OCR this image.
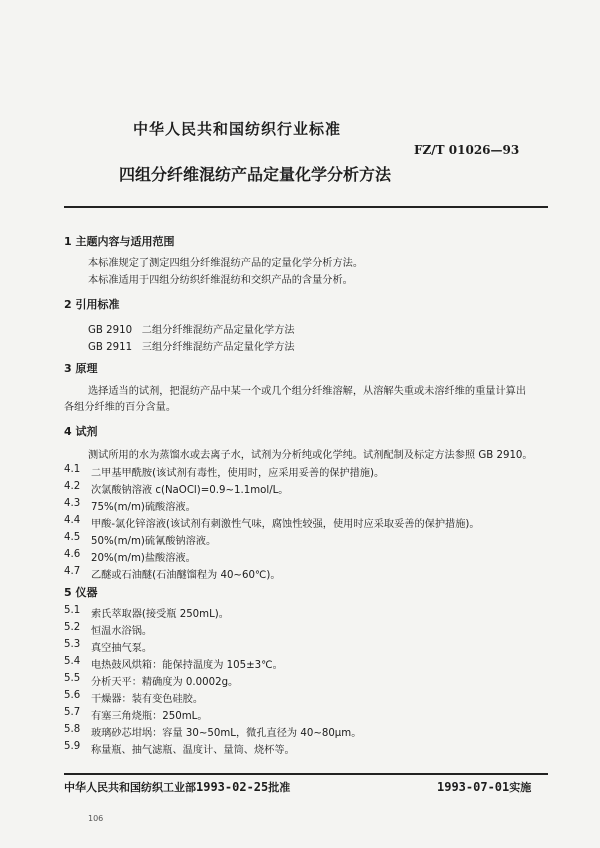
中华人民共和国纺织行业标准
FZ/T 01026—93
四组分纤维混纺产品定量化学分析方法
1 主题内容与适用范围
本标准规定了测定四组分纤维混纺产品的定量化学分析方法。
本标准适用于四组分纺织纤维混纺和交织产品的含量分析。
2 引用标准
GB 2910   二组分纤维混纺产品定量化学方法
GB 2911   三组分纤维混纺产品定量化学方法
3 原理
选择适当的试剂，把混纺产品中某一个或几个组分纤维溶解，从溶解失重或未溶纤维的重量计算出
各组分纤维的百分含量。
4 试剂
测试所用的水为蒸馏水或去离子水，试剂为分析纯或化学纯。试剂配制及标定方法参照 GB 2910。
4.1 二甲基甲酰胺(该试剂有毒性，使用时，应采用妥善的保护措施)。
4.2 次氯酸钠溶液 c(NaOCl)=0.9~1.1mol/L。
4.3 75%(m/m)硫酸溶液。
4.4 甲酸-氯化锌溶液(该试剂有刺激性气味，腐蚀性较强，使用时应采取妥善的保护措施)。
4.5 50%(m/m)硫氰酸钠溶液。
4.6 20%(m/m)盐酸溶液。
4.7 乙醚或石油醚(石油醚馏程为 40~60℃)。
5 仪器
5.1 索氏萃取器(接受瓶 250mL)。
5.2 恒温水浴锅。
5.3 真空抽气泵。
5.4 电热鼓风烘箱：能保持温度为 105±3℃。
5.5 分析天平：精确度为 0.0002g。
5.6 干燥器：装有变色硅胶。
5.7 有塞三角烧瓶：250mL。
5.8 玻璃砂芯坩埚：容量 30~50mL，微孔直径为 40~80μm。
5.9 称量瓶、抽气滤瓶、温度计、量筒、烧杯等。
中华人民共和国纺织工业部1993-02-25批准	1993-07-01实施
106
